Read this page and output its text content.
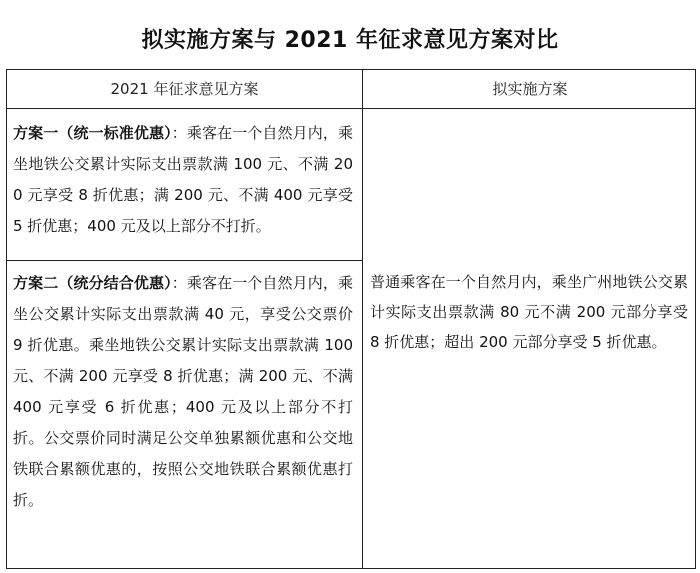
拟实施方案与 2021 年征求意见方案对比
2021 年征求意见方案	拟实施方案
方案一（统一标准优惠）：乘客在一个自然月内，乘坐地铁公交累计实际支出票款满 100 元、不满 200 元享受 8 折优惠；满 200 元、不满 400 元享受 5 折优惠；400 元及以上部分不打折。
方案二（统分结合优惠）：乘客在一个自然月内，乘坐公交累计实际支出票款满 40 元，享受公交票价 9 折优惠。乘坐地铁公交累计实际支出票款满 100 元、不满 200 元享受 8 折优惠；满 200 元、不满 400 元享受 6 折优惠；400 元及以上部分不打折。公交票价同时满足公交单独累额优惠和公交地铁联合累额优惠的，按照公交地铁联合累额优惠打折。
普通乘客在一个自然月内，乘坐广州地铁公交累计实际支出票款满 80 元不满 200 元部分享受 8 折优惠；超出 200 元部分享受 5 折优惠。
